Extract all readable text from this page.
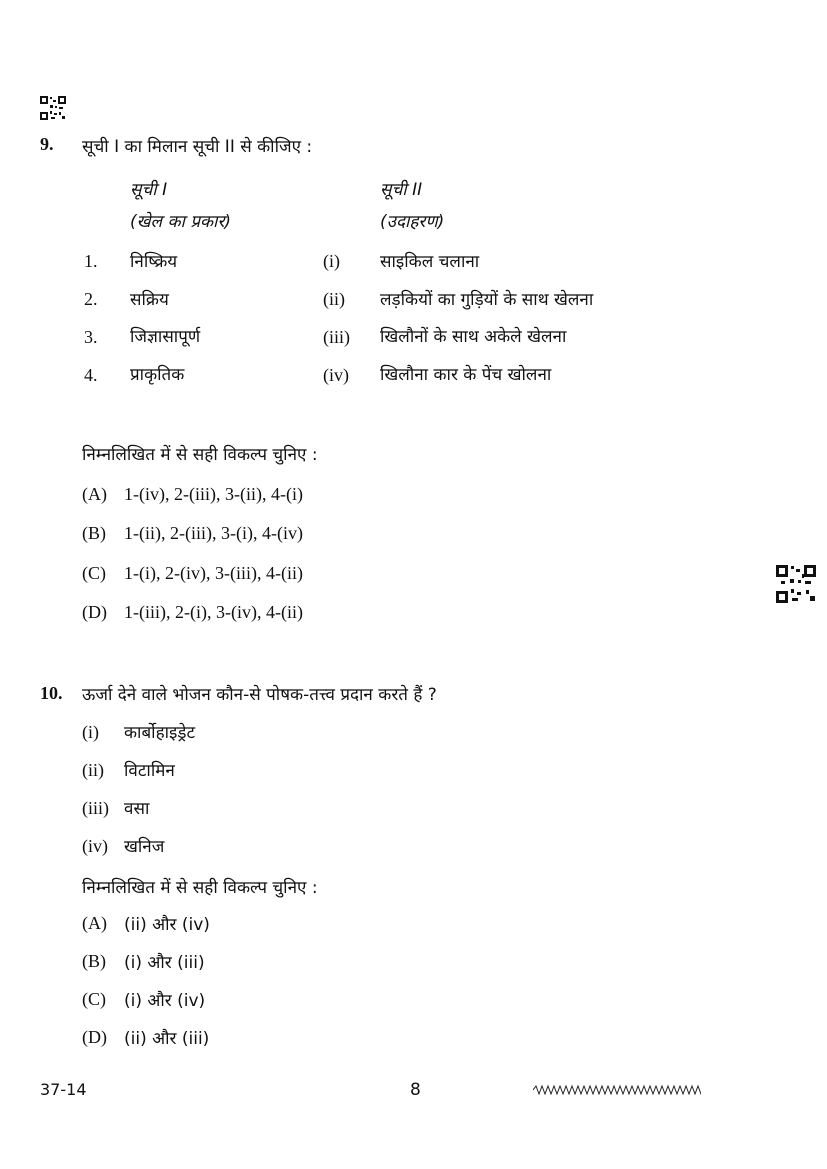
9. सूची I का मिलान सूची II से कीजिए :
सूची I
(खेल का प्रकार)
सूची II
(उदाहरण)
1. निष्क्रिय	(i) साइकिल चलाना
2. सक्रिय	(ii) लड़कियों का गुड़ियों के साथ खेलना
3. जिज्ञासापूर्ण	(iii) खिलौनों के साथ अकेले खेलना
4. प्राकृतिक	(iv) खिलौना कार के पेंच खोलना
निम्नलिखित में से सही विकल्प चुनिए :
(A) 1-(iv), 2-(iii), 3-(ii), 4-(i)
(B) 1-(ii), 2-(iii), 3-(i), 4-(iv)
(C) 1-(i), 2-(iv), 3-(iii), 4-(ii)
(D) 1-(iii), 2-(i), 3-(iv), 4-(ii)
10. ऊर्जा देने वाले भोजन कौन-से पोषक-तत्त्व प्रदान करते हैं ?
(i) कार्बोहाइड्रेट
(ii) विटामिन
(iii) वसा
(iv) खनिज
निम्नलिखित में से सही विकल्प चुनिए :
(A) (ii) और (iv)
(B) (i) और (iii)
(C) (i) और (iv)
(D) (ii) और (iii)
37-14	8
